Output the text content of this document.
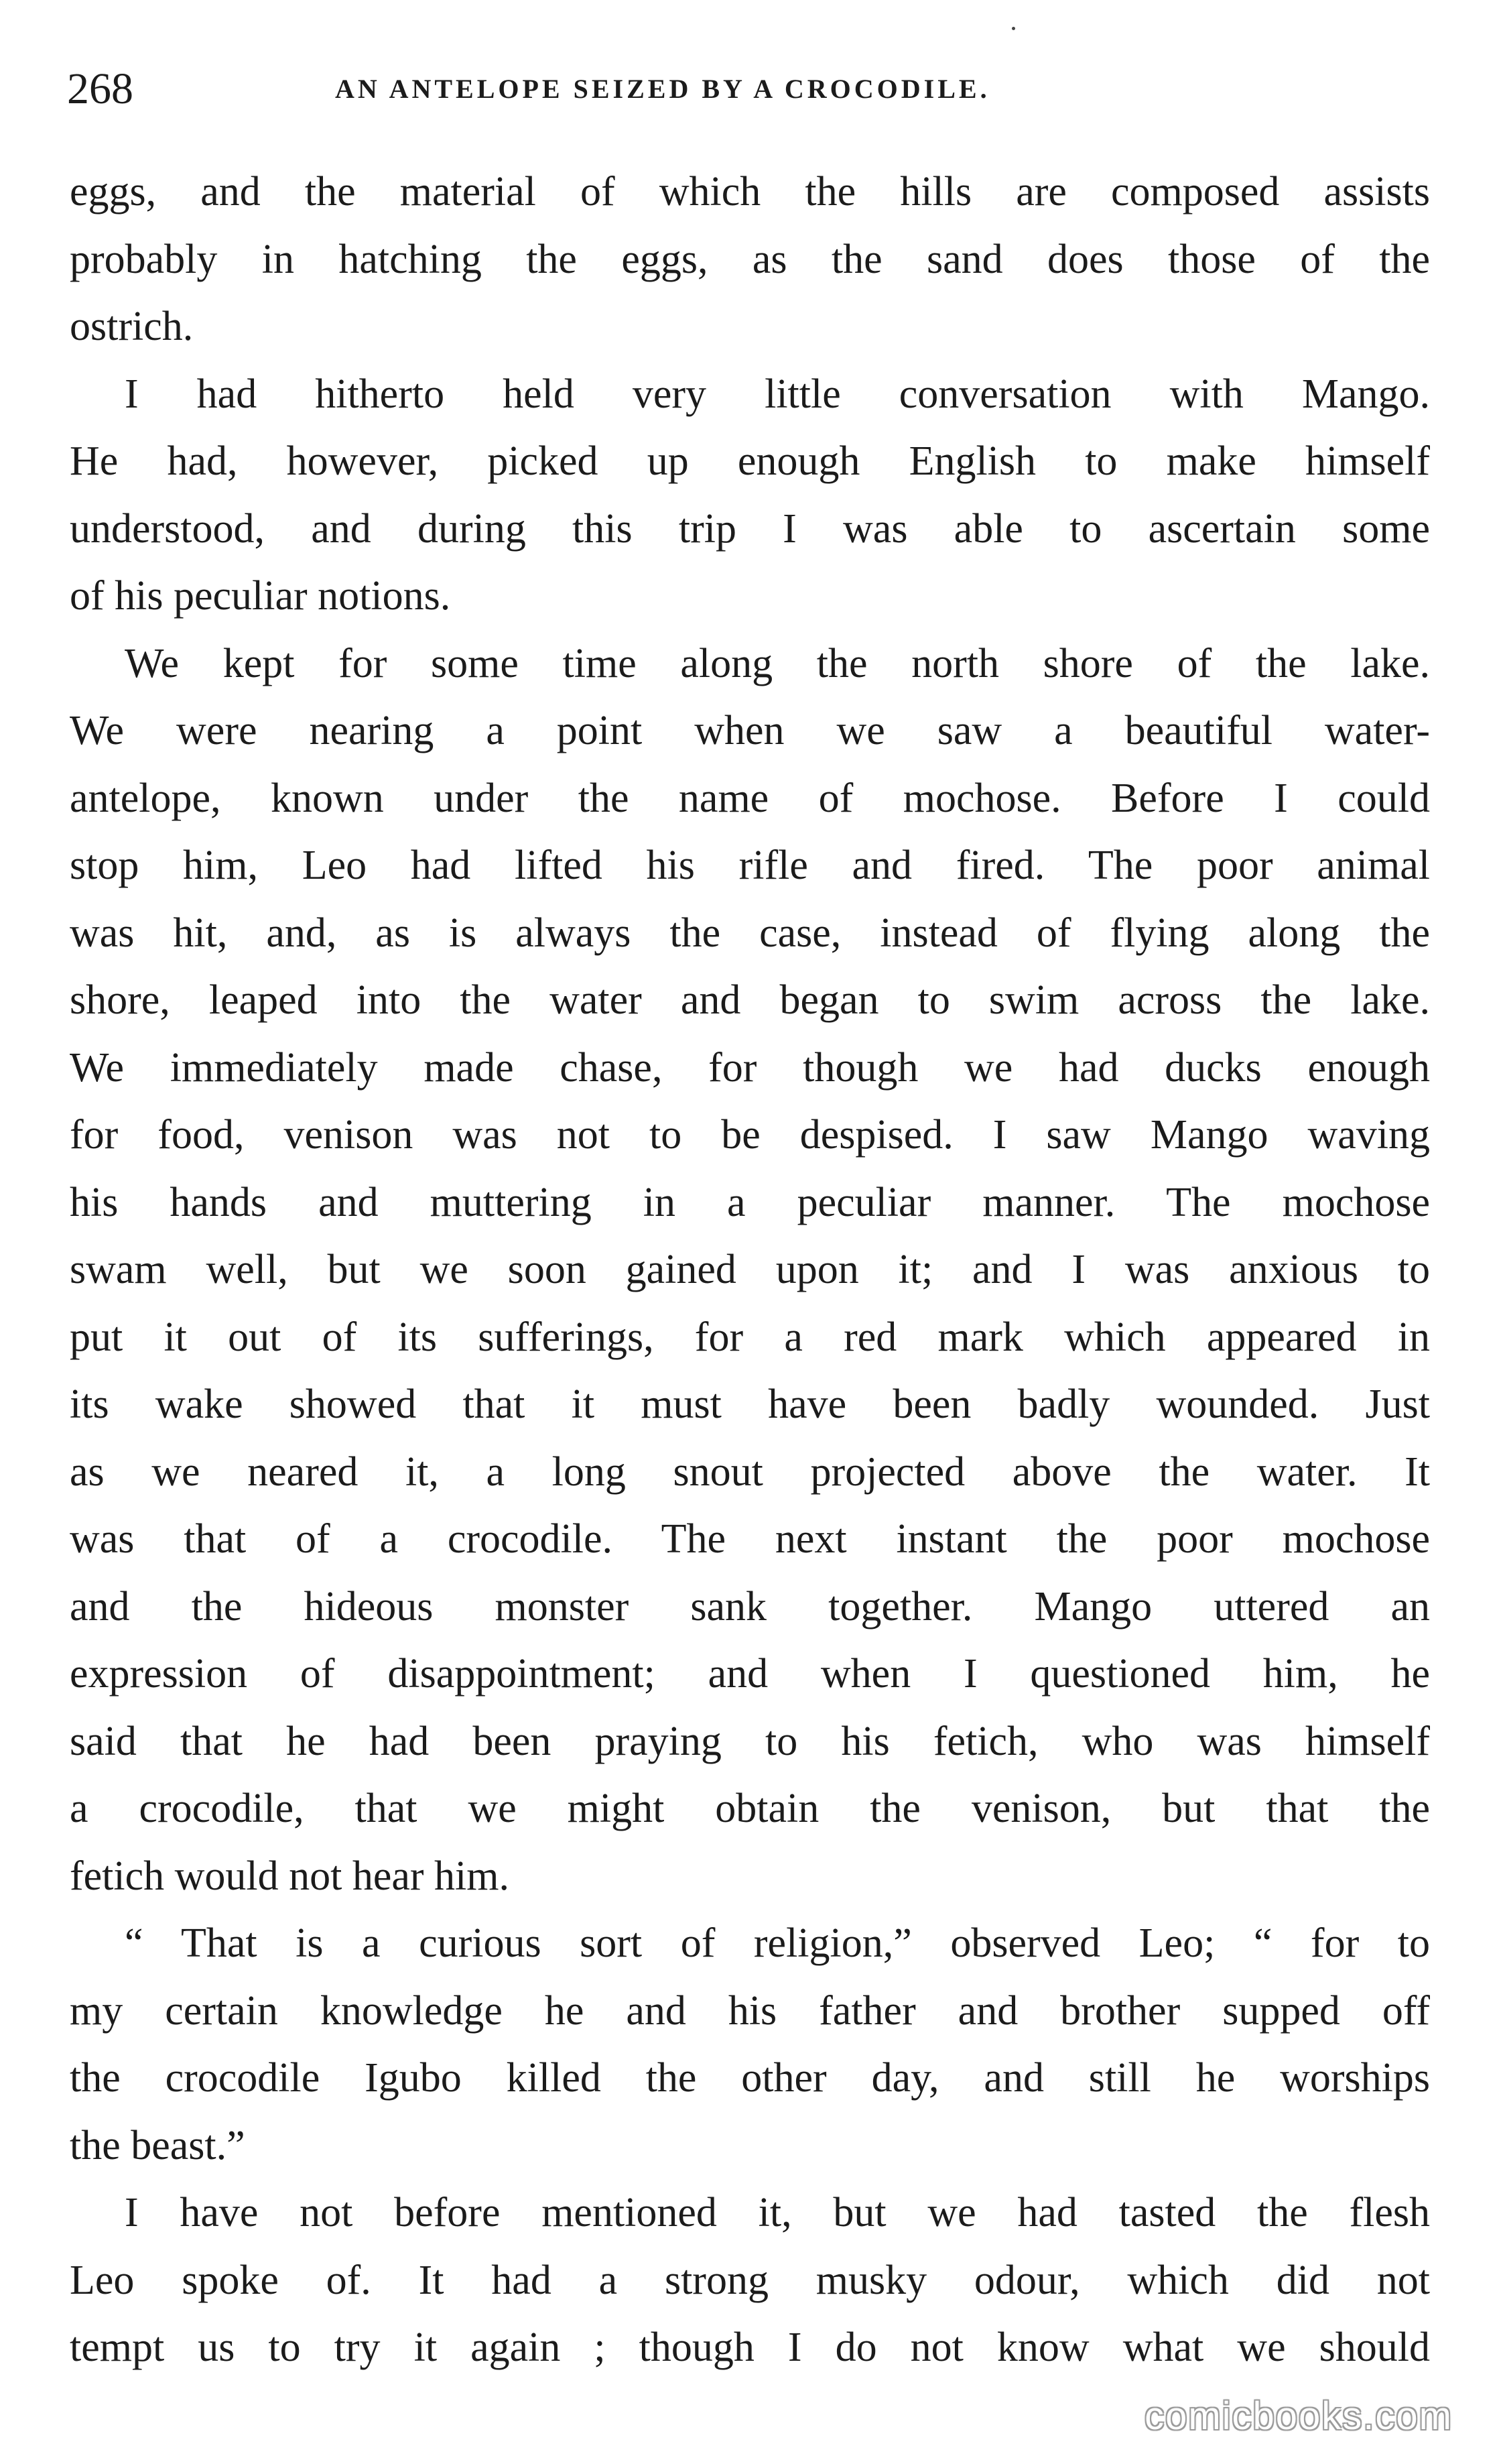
268	AN ANTELOPE SEIZED BY A CROCODILE.

eggs, and the material of which the hills are composed assists
probably in hatching the eggs, as the sand does those of the
ostrich.

I had hitherto held very little conversation with Mango.
He had, however, picked up enough English to make himself
understood, and during this trip I was able to ascertain some
of his peculiar notions.

We kept for some time along the north shore of the lake.
We were nearing a point when we saw a beautiful water-
antelope, known under the name of mochose. Before I could
stop him, Leo had lifted his rifle and fired. The poor animal
was hit, and, as is always the case, instead of flying along the
shore, leaped into the water and began to swim across the lake.
We immediately made chase, for though we had ducks enough
for food, venison was not to be despised. I saw Mango waving
his hands and muttering in a peculiar manner. The mochose
swam well, but we soon gained upon it; and I was anxious to
put it out of its sufferings, for a red mark which appeared in
its wake showed that it must have been badly wounded. Just
as we neared it, a long snout projected above the water. It
was that of a crocodile. The next instant the poor mochose
and the hideous monster sank together. Mango uttered an
expression of disappointment; and when I questioned him, he
said that he had been praying to his fetich, who was himself
a crocodile, that we might obtain the venison, but that the
fetich would not hear him.

“ That is a curious sort of religion,” observed Leo; “ for to
my certain knowledge he and his father and brother supped off
the crocodile Igubo killed the other day, and still he worships
the beast.”

I have not before mentioned it, but we had tasted the flesh
Leo spoke of. It had a strong musky odour, which did not
tempt us to try it again ; though I do not know what we should

comicbooks.com
